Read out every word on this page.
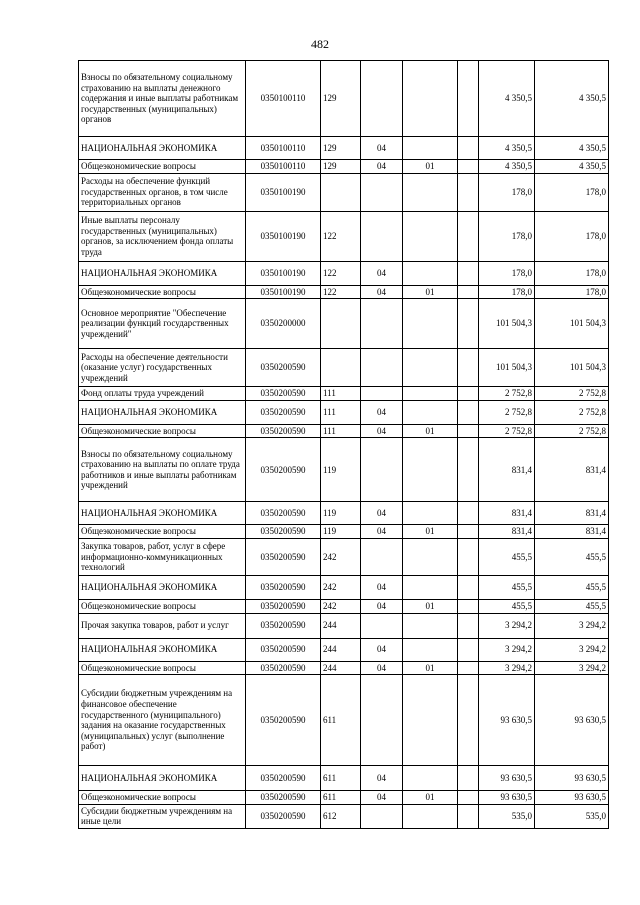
482
Взносы по обязательному социальному страхованию на выплаты денежного содержания и иные выплаты работникам государственных (муниципальных) органов	0350100110	129				4 350,5	4 350,5
НАЦИОНАЛЬНАЯ ЭКОНОМИКА	0350100110	129	04			4 350,5	4 350,5
Общеэкономические вопросы	0350100110	129	04	01		4 350,5	4 350,5
Расходы на обеспечение функций государственных органов, в том числе территориальных органов	0350100190					178,0	178,0
Иные выплаты персоналу государственных (муниципальных) органов, за исключением фонда оплаты труда	0350100190	122				178,0	178,0
НАЦИОНАЛЬНАЯ ЭКОНОМИКА	0350100190	122	04			178,0	178,0
Общеэкономические вопросы	0350100190	122	04	01		178,0	178,0
Основное мероприятие "Обеспечение реализации функций государственных учреждений"	0350200000					101 504,3	101 504,3
Расходы на обеспечение деятельности (оказание услуг) государственных учреждений	0350200590					101 504,3	101 504,3
Фонд оплаты труда учреждений	0350200590	111				2 752,8	2 752,8
НАЦИОНАЛЬНАЯ ЭКОНОМИКА	0350200590	111	04			2 752,8	2 752,8
Общеэкономические вопросы	0350200590	111	04	01		2 752,8	2 752,8
Взносы по обязательному социальному страхованию на выплаты по оплате труда работников и иные выплаты работникам учреждений	0350200590	119				831,4	831,4
НАЦИОНАЛЬНАЯ ЭКОНОМИКА	0350200590	119	04			831,4	831,4
Общеэкономические вопросы	0350200590	119	04	01		831,4	831,4
Закупка товаров, работ, услуг в сфере информационно-коммуникационных технологий	0350200590	242				455,5	455,5
НАЦИОНАЛЬНАЯ ЭКОНОМИКА	0350200590	242	04			455,5	455,5
Общеэкономические вопросы	0350200590	242	04	01		455,5	455,5
Прочая закупка товаров, работ и услуг	0350200590	244				3 294,2	3 294,2
НАЦИОНАЛЬНАЯ ЭКОНОМИКА	0350200590	244	04			3 294,2	3 294,2
Общеэкономические вопросы	0350200590	244	04	01		3 294,2	3 294,2
Субсидии бюджетным учреждениям на финансовое обеспечение государственного (муниципального) задания на оказание государственных (муниципальных) услуг (выполнение работ)	0350200590	611				93 630,5	93 630,5
НАЦИОНАЛЬНАЯ ЭКОНОМИКА	0350200590	611	04			93 630,5	93 630,5
Общеэкономические вопросы	0350200590	611	04	01		93 630,5	93 630,5
Субсидии бюджетным учреждениям на иные цели	0350200590	612				535,0	535,0
